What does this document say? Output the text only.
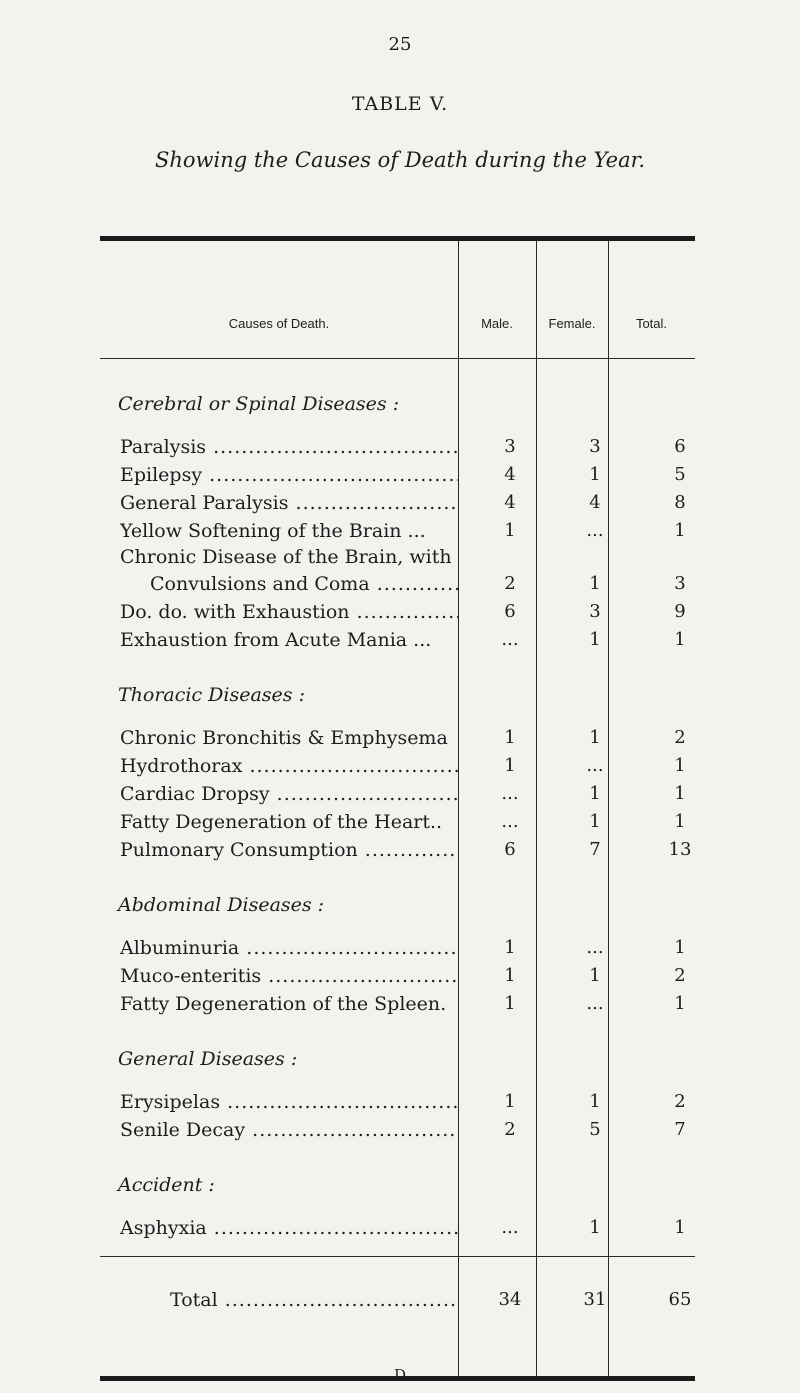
25
TABLE V.
Showing the Causes of Death during the Year.
Causes of Death.	Male.	Female.	Total.
Cerebral or Spinal Diseases :
Paralysis .....	3	3	6
Epilepsy .....	4	1	5
General Paralysis .....	4	4	8
Yellow Softening of the Brain ...	1	...	1
Chronic Disease of the Brain, with
Convulsions and Coma .....	2	1	3
Do. do. with Exhaustion .....	6	3	9
Exhaustion from Acute Mania ...	...	1	1
Thoracic Diseases :
Chronic Bronchitis & Emphysema	1	1	2
Hydrothorax .....	1	...	1
Cardiac Dropsy .....	...	1	1
Fatty Degeneration of the Heart..	...	1	1
Pulmonary Consumption .....	6	7	13
Abdominal Diseases :
Albuminuria .....	1	...	1
Muco-enteritis .....	1	1	2
Fatty Degeneration of the Spleen.	1	...	1
General Diseases :
Erysipelas .....	1	1	2
Senile Decay .....	2	5	7
Accident :
Asphyxia .....	...	1	1
Total .....	34	31	65
D
